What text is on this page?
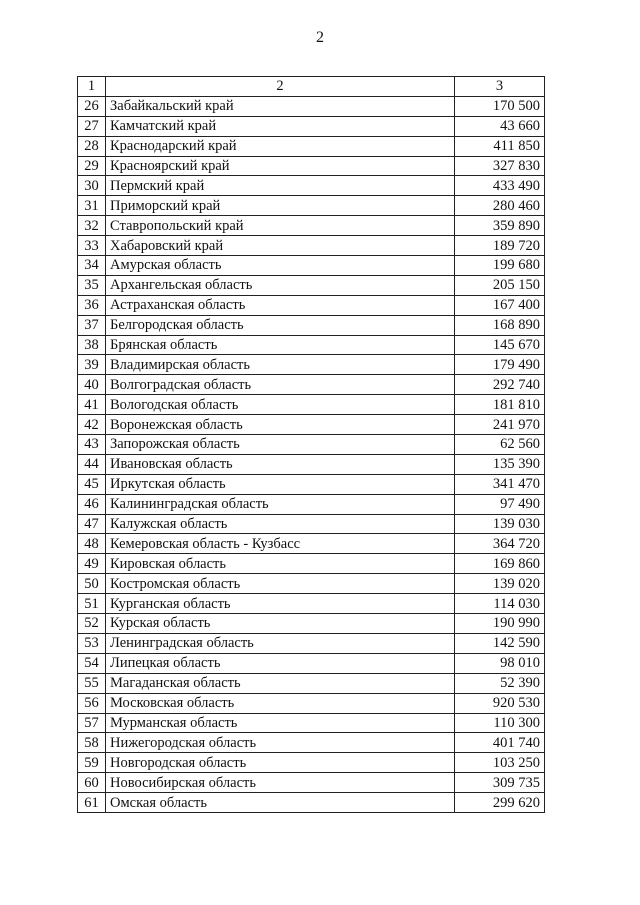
2
1	2	3
26	Забайкальский край	170 500
27	Камчатский край	43 660
28	Краснодарский край	411 850
29	Красноярский край	327 830
30	Пермский край	433 490
31	Приморский край	280 460
32	Ставропольский край	359 890
33	Хабаровский край	189 720
34	Амурская область	199 680
35	Архангельская область	205 150
36	Астраханская область	167 400
37	Белгородская область	168 890
38	Брянская область	145 670
39	Владимирская область	179 490
40	Волгоградская область	292 740
41	Вологодская область	181 810
42	Воронежская область	241 970
43	Запорожская область	62 560
44	Ивановская область	135 390
45	Иркутская область	341 470
46	Калининградская область	97 490
47	Калужская область	139 030
48	Кемеровская область - Кузбасс	364 720
49	Кировская область	169 860
50	Костромская область	139 020
51	Курганская область	114 030
52	Курская область	190 990
53	Ленинградская область	142 590
54	Липецкая область	98 010
55	Магаданская область	52 390
56	Московская область	920 530
57	Мурманская область	110 300
58	Нижегородская область	401 740
59	Новгородская область	103 250
60	Новосибирская область	309 735
61	Омская область	299 620
